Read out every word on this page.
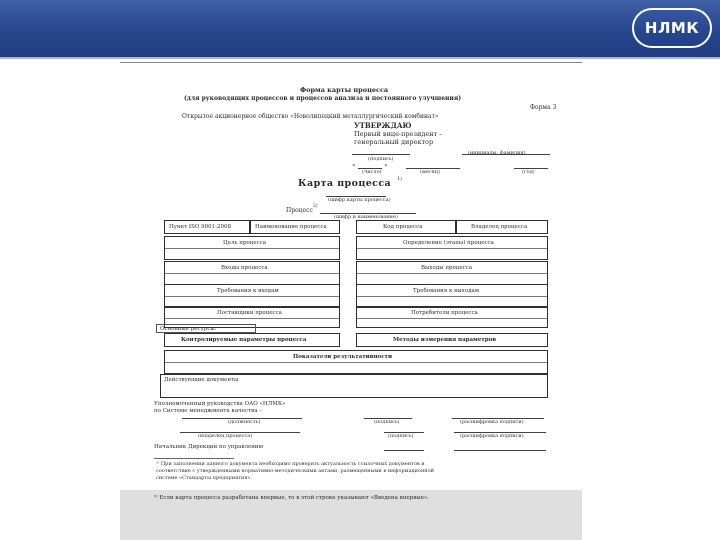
НЛМК
Форма карты процесса
(для руководящих процессов и процессов анализа и постоянного улучшения)
Форма 3
Открытое акционерное общество «Новолипецкий металлургический комбинат»
УТВЕРЖДАЮ
Первый вице-президент –
генеральный директор
(подпись)
(инициалы, фамилия)
«	»
(число)	(месяц)	(год)
Карта процесса 1)
(шифр карты процесса)
Процесс
2)
(шифр и наименование)
Пункт ISO 9001:2008	Наименование процесса	Код процесса	Владелец процесса
Цель процесса	Определение (этапы) процесса
Входы процесса	Выходы процесса
Требования к входам	Требования к выходам
Поставщики процесса	Потребители процесса
Основные ресурсы:
Контролируемые параметры процесса	Методы измерения параметров
Показатели результативности
Действующие документы
Уполномоченный руководства ОАО «НЛМК»
по Системе менеджмента качества –
(должность)	(подпись)	(расшифровка подписи)
(владелец процесса)	(подпись)	(расшифровка подписи)
Начальник Дирекции по управлению
¹⁾ При заполнении данного документа необходимо проверить актуальность ссылочных документов и
соответствие с утвержденными нормативно-методическими актами, размещенными в информационной
системе «Стандарты предприятия».
²⁾ Если карта процесса разработана впервые, то в этой строке указывают «Введена впервые».
